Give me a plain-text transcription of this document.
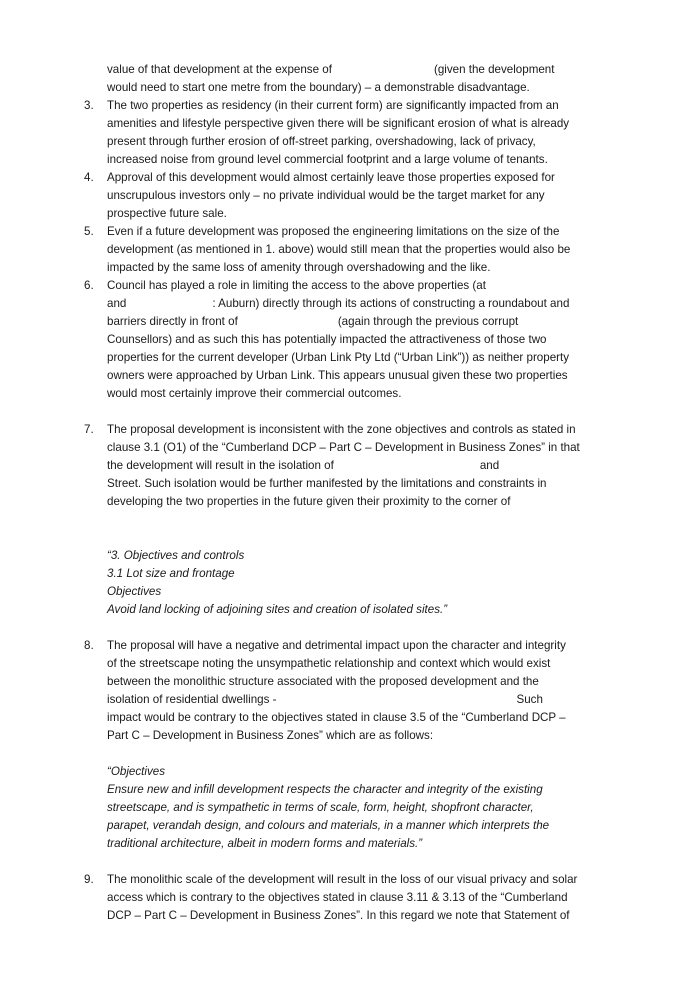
value of that development at the expense of	(given the development
would need to start one metre from the boundary) – a demonstrable disadvantage.
3. The two properties as residency (in their current form) are significantly impacted from an
amenities and lifestyle perspective given there will be significant erosion of what is already
present through further erosion of off-street parking, overshadowing, lack of privacy,
increased noise from ground level commercial footprint and a large volume of tenants.
4. Approval of this development would almost certainly leave those properties exposed for
unscrupulous investors only – no private individual would be the target market for any
prospective future sale.
5. Even if a future development was proposed the engineering limitations on the size of the
development (as mentioned in 1. above) would still mean that the properties would also be
impacted by the same loss of amenity through overshadowing and the like.
6. Council has played a role in limiting the access to the above properties (at
and	: Auburn) directly through its actions of constructing a roundabout and
barriers directly in front of	(again through the previous corrupt
Counsellors) and as such this has potentially impacted the attractiveness of those two
properties for the current developer (Urban Link Pty Ltd (“Urban Link”)) as neither property
owners were approached by Urban Link. This appears unusual given these two properties
would most certainly improve their commercial outcomes.
7. The proposal development is inconsistent with the zone objectives and controls as stated in
clause 3.1 (O1) of the “Cumberland DCP – Part C – Development in Business Zones” in that
the development will result in the isolation of	and
Street. Such isolation would be further manifested by the limitations and constraints in
developing the two properties in the future given their proximity to the corner of
“3. Objectives and controls
3.1 Lot size and frontage
Objectives
Avoid land locking of adjoining sites and creation of isolated sites.”
8. The proposal will have a negative and detrimental impact upon the character and integrity
of the streetscape noting the unsympathetic relationship and context which would exist
between the monolithic structure associated with the proposed development and the
isolation of residential dwellings -	Such
impact would be contrary to the objectives stated in clause 3.5 of the “Cumberland DCP –
Part C – Development in Business Zones” which are as follows:
“Objectives
Ensure new and infill development respects the character and integrity of the existing
streetscape, and is sympathetic in terms of scale, form, height, shopfront character,
parapet, verandah design, and colours and materials, in a manner which interprets the
traditional architecture, albeit in modern forms and materials.”
9. The monolithic scale of the development will result in the loss of our visual privacy and solar
access which is contrary to the objectives stated in clause 3.11 & 3.13 of the “Cumberland
DCP – Part C – Development in Business Zones”. In this regard we note that Statement of
